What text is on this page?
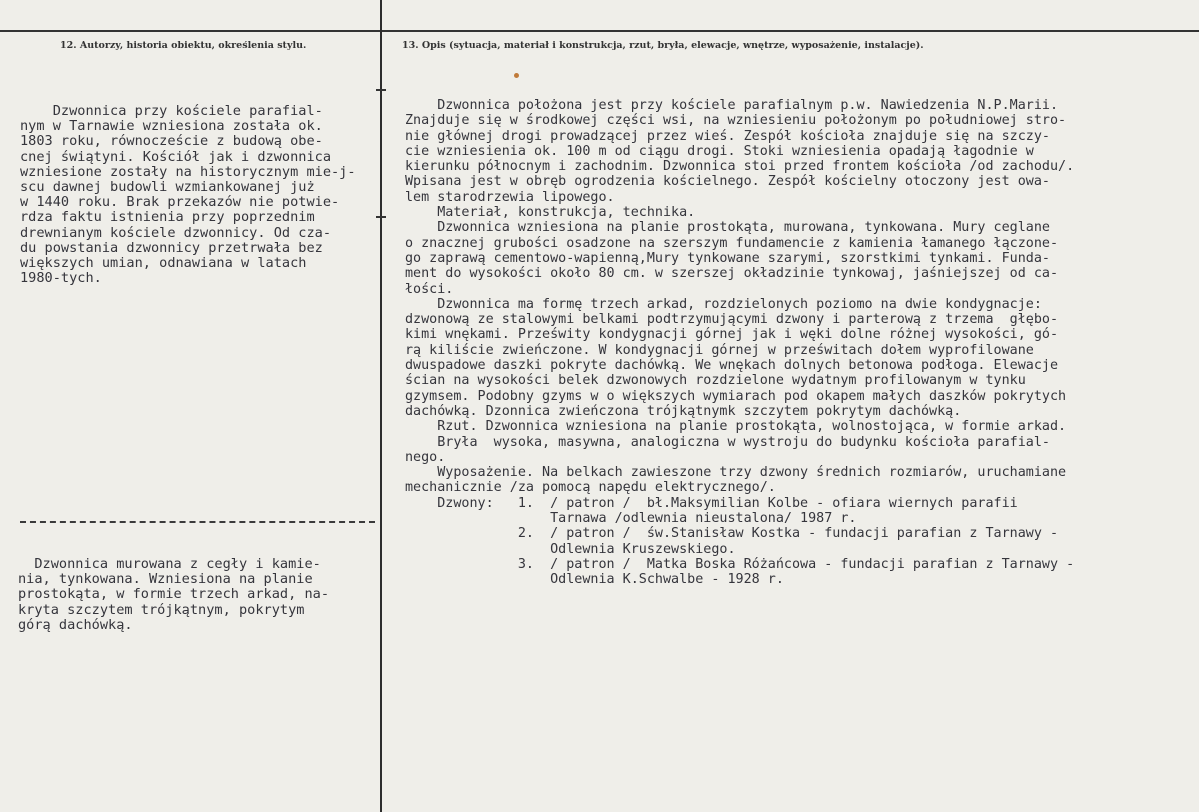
12. Autorzy, historia obiektu, określenia stylu.	13. Opis (sytuacja, materiał i konstrukcja, rzut, bryła, elewacje, wnętrze, wyposażenie, instalacje).
Dzwonnica przy kościele parafial-
nym w Tarnawie wzniesiona została ok.
1803 roku, równoczeście z budową obe-
cnej świątyni. Kościół jak i dzwonnica
wzniesione zostały na historycznym mie-j-
scu dawnej budowli wzmiankowanej już
w 1440 roku. Brak przekazów nie potwie-
rdza faktu istnienia przy poprzednim
drewnianym kościele dzwonnicy. Od cza-
du powstania dzwonnicy przetrwała bez
większych umian, odnawiana w latach
1980-tych.
Dzwonnica murowana z cegły i kamie-
nia, tynkowana. Wzniesiona na planie
prostokąta, w formie trzech arkad, na-
kryta szczytem trójkątnym, pokrytym
górą dachówką.
Dzwonnica położona jest przy kościele parafialnym p.w. Nawiedzenia N.P.Marii.
Znajduje się w środkowej części wsi, na wzniesieniu położonym po południowej stro-
nie głównej drogi prowadzącej przez wieś. Zespół kościoła znajduje się na szczy-
cie wzniesienia ok. 100 m od ciągu drogi. Stoki wzniesienia opadają łagodnie w
kierunku północnym i zachodnim. Dzwonnica stoi przed frontem kościoła /od zachodu/.
Wpisana jest w obręb ogrodzenia kościelnego. Zespół kościelny otoczony jest owa-
lem starodrzewia lipowego.
Materiał, konstrukcja, technika.
Dzwonnica wzniesiona na planie prostokąta, murowana, tynkowana. Mury ceglane
o znacznej grubości osadzone na szerszym fundamencie z kamienia łamanego łączone-
go zaprawą cementowo-wapienną,Mury tynkowane szarymi, szorstkimi tynkami. Funda-
ment do wysokości około 80 cm. w szerszej okładzinie tynkowaj, jaśniejszej od ca-
łości.
Dzwonnica ma formę trzech arkad, rozdzielonych poziomo na dwie kondygnacje:
dzwonową ze stalowymi belkami podtrzymującymi dzwony i parterową z trzema  głębo-
kimi wnękami. Prześwity kondygnacji górnej jak i węki dolne różnej wysokości, gó-
rą kiliście zwieńczone. W kondygnacji górnej w prześwitach dołem wyprofilowane
dwuspadowe daszki pokryte dachówką. We wnękach dolnych betonowa podłoga. Elewacje
ścian na wysokości belek dzwonowych rozdzielone wydatnym profilowanym w tynku
gzymsem. Podobny gzyms w o większych wymiarach pod okapem małych daszków pokrytych
dachówką. Dzonnica zwieńczona trójkątnymk szczytem pokrytym dachówką.
Rzut. Dzwonnica wzniesiona na planie prostokąta, wolnostojąca, w formie arkad.
Bryła  wysoka, masywna, analogiczna w wystroju do budynku kościoła parafial-
nego.
Wyposażenie. Na belkach zawieszone trzy dzwony średnich rozmiarów, uruchamiane
mechanicznie /za pomocą napędu elektrycznego/.
Dzwony:   1.  / patron /  bł.Maksymilian Kolbe - ofiara wiernych parafii
Tarnawa /odlewnia nieustalona/ 1987 r.
2.  / patron /  św.Stanisław Kostka - fundacji parafian z Tarnawy -
Odlewnia Kruszewskiego.
3.  / patron /  Matka Boska Różańcowa - fundacji parafian z Tarnawy -
Odlewnia K.Schwalbe - 1928 r.
